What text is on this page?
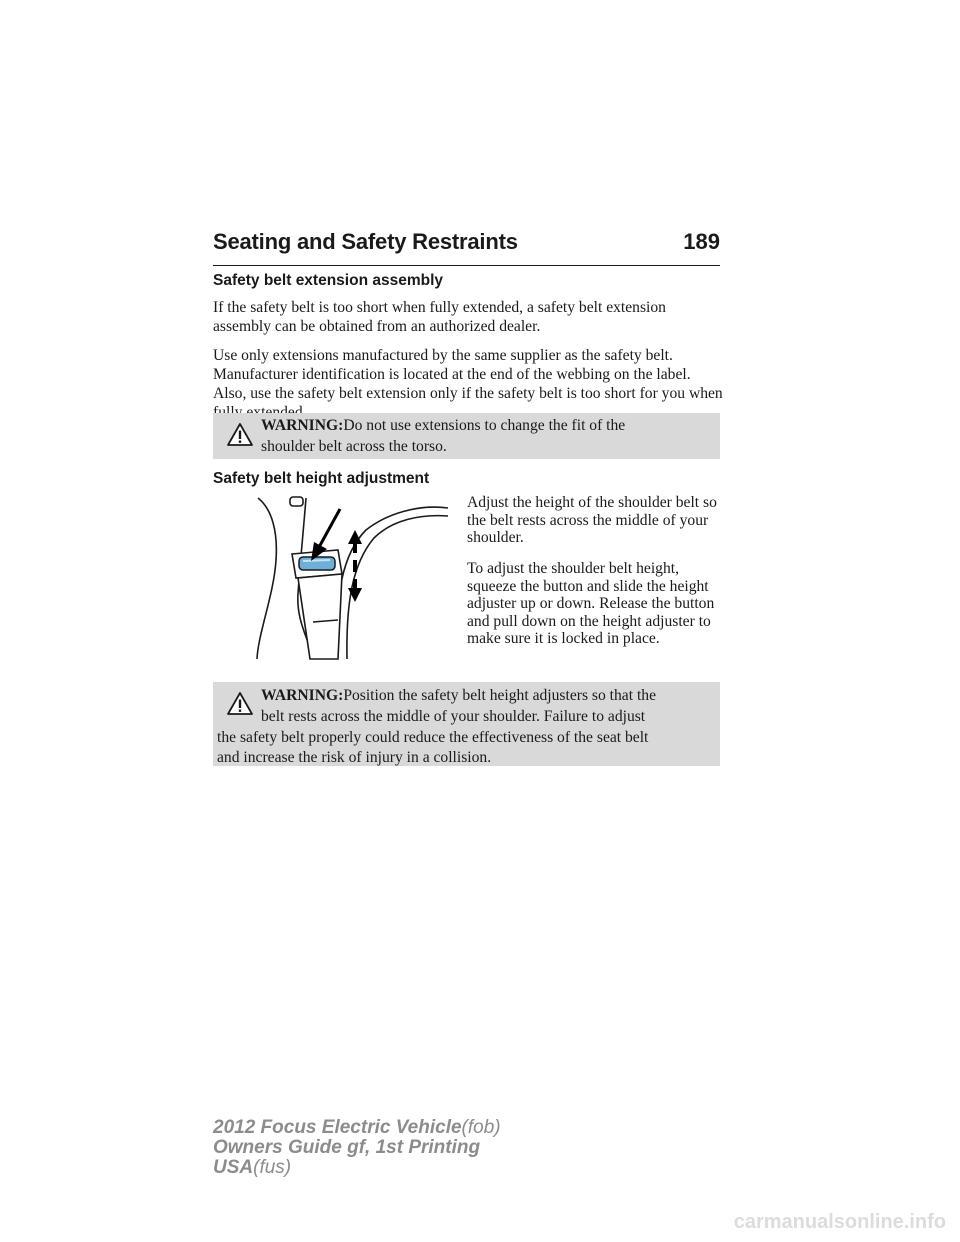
Seating and Safety Restraints	189
Safety belt extension assembly

If the safety belt is too short when fully extended, a safety belt extension assembly can be obtained from an authorized dealer.

Use only extensions manufactured by the same supplier as the safety belt. Manufacturer identification is located at the end of the webbing on the label. Also, use the safety belt extension only if the safety belt is too short for you when

WARNING:Do not use extensions to change the fit of the

shoulder belt across the torso.

Safety belt height adjustment

Adjust the height of the shoulder belt so the belt rests across the middle of your shoulder.

To adjust the shoulder belt height, squeeze the button and slide the height adjuster up or down. Release the button and pull down on the height adjuster to make sure it is locked in place.

WARNING:Position the safety belt height adjusters so that the

belt rests across the middle of your shoulder. Failure to adjust

the safety belt properly could reduce the effectiveness of the seat belt

and increase the risk of injury in a collision.

2012 Focus Electric Vehicle(fob)
Owners Guide gf, 1st Printing
USA(fus)
carmanualsonline.info
